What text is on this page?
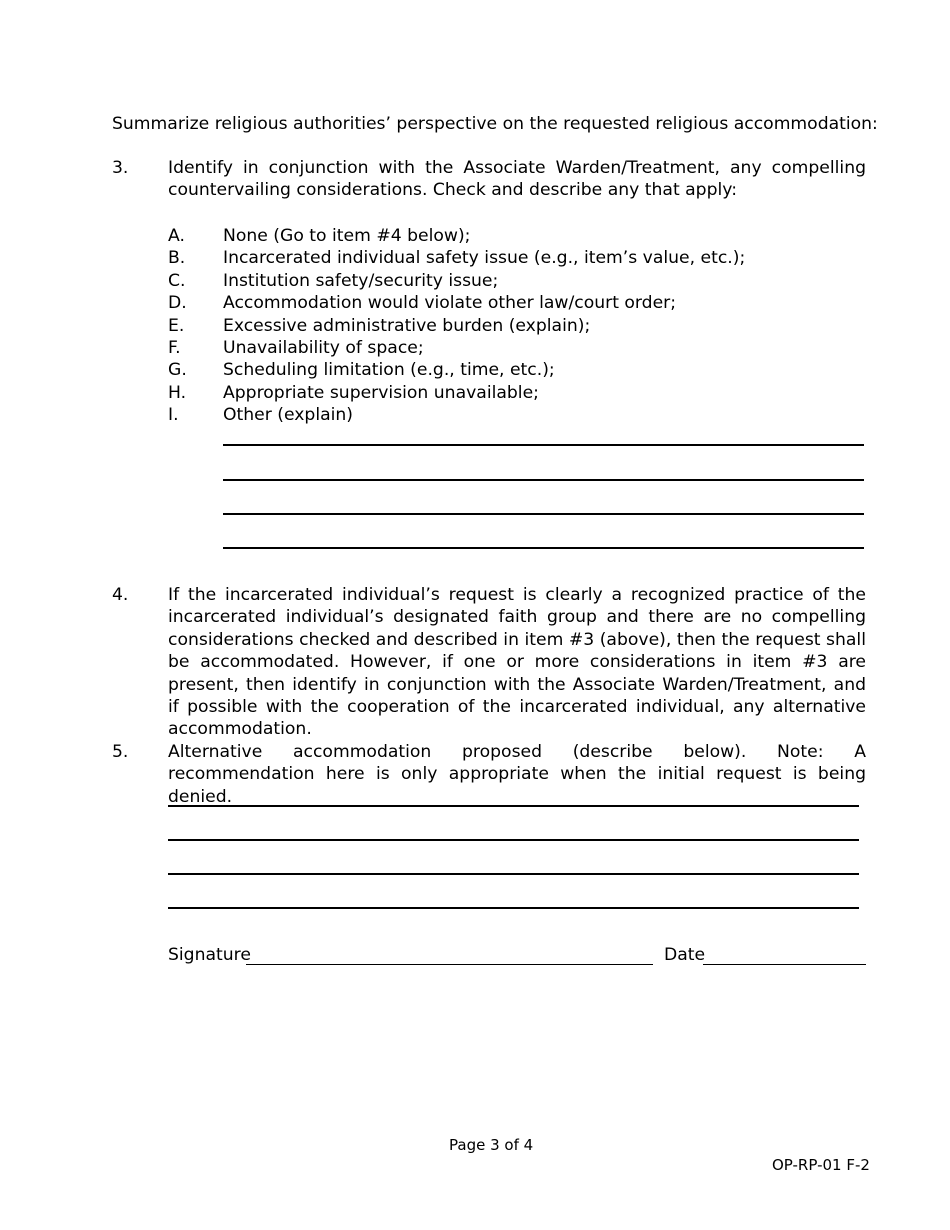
Summarize religious authorities’ perspective on the requested religious accommodation:
3. Identify in conjunction with the Associate Warden/Treatment, any compelling countervailing considerations. Check and describe any that apply:

A. None (Go to item #4 below);
B. Incarcerated individual safety issue (e.g., item’s value, etc.);
C. Institution safety/security issue;
D. Accommodation would violate other law/court order;
E. Excessive administrative burden (explain);
F. Unavailability of space;
G. Scheduling limitation (e.g., time, etc.);
H. Appropriate supervision unavailable;
I.	Other (explain)
4. If the incarcerated individual’s request is clearly a recognized practice of the incarcerated individual’s designated faith group and there are no compelling considerations checked and described in item #3 (above), then the request shall be accommodated. However, if one or more considerations in item #3 are present, then identify in conjunction with the Associate Warden/Treatment, and if possible with the cooperation of the incarcerated individual, any alternative accommodation.

5. Alternative accommodation proposed (describe below). Note: A recommendation here is only appropriate when the initial request is being denied.

Signature	Date
Page 3 of 4
OP-RP-01 F-2
